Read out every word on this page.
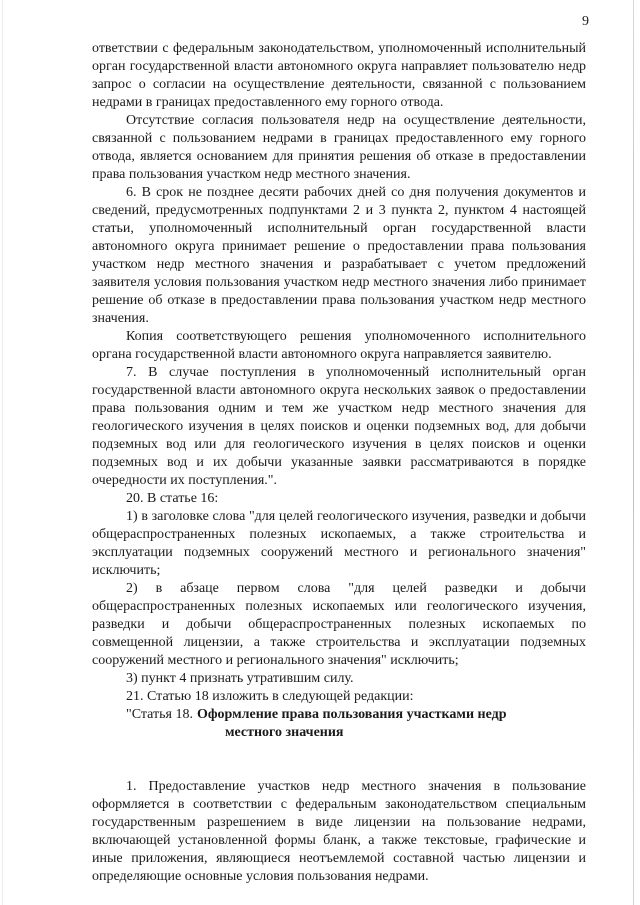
9

ответствии с федеральным законодательством, уполномоченный исполнительный орган государственной власти автономного округа направляет пользователю недр запрос о согласии на осуществление деятельности, связанной с пользованием недрами в границах предоставленного ему горного отвода.

Отсутствие согласия пользователя недр на осуществление деятельности, связанной с пользованием недрами в границах предоставленного ему горного отвода, является основанием для принятия решения об отказе в предоставлении права пользования участком недр местного значения.

6. В срок не позднее десяти рабочих дней со дня получения документов и сведений, предусмотренных подпунктами 2 и 3 пункта 2, пунктом 4 настоящей статьи, уполномоченный исполнительный орган государственной власти автономного округа принимает решение о предоставлении права пользования участком недр местного значения и разрабатывает с учетом предложений заявителя условия пользования участком недр местного значения либо принимает решение об отказе в предоставлении права пользования участком недр местного значения.

Копия соответствующего решения уполномоченного исполнительного органа государственной власти автономного округа направляется заявителю.

7. В случае поступления в уполномоченный исполнительный орган государственной власти автономного округа нескольких заявок о предоставлении права пользования одним и тем же участком недр местного значения для геологического изучения в целях поисков и оценки подземных вод, для добычи подземных вод или для геологического изучения в целях поисков и оценки подземных вод и их добычи указанные заявки рассматриваются в порядке очередности их поступления.".

20. В статье 16:

1) в заголовке слова "для целей геологического изучения, разведки и добычи общераспространенных полезных ископаемых, а также строительства и эксплуатации подземных сооружений местного и регионального значения" исключить;

2) в абзаце первом слова "для целей разведки и добычи общераспространенных полезных ископаемых или геологического изучения, разведки и добычи общераспространенных полезных ископаемых по совмещенной лицензии, а также строительства и эксплуатации подземных сооружений местного и регионального значения" исключить;

3) пункт 4 признать утратившим силу.

21. Статью 18 изложить в следующей редакции:

"Статья 18. Оформление права пользования участками недр
местного значения

1. Предоставление участков недр местного значения в пользование оформляется в соответствии с федеральным законодательством специальным государственным разрешением в виде лицензии на пользование недрами, включающей установленной формы бланк, а также текстовые, графические и иные приложения, являющиеся неотъемлемой составной частью лицензии и определяющие основные условия пользования недрами.
